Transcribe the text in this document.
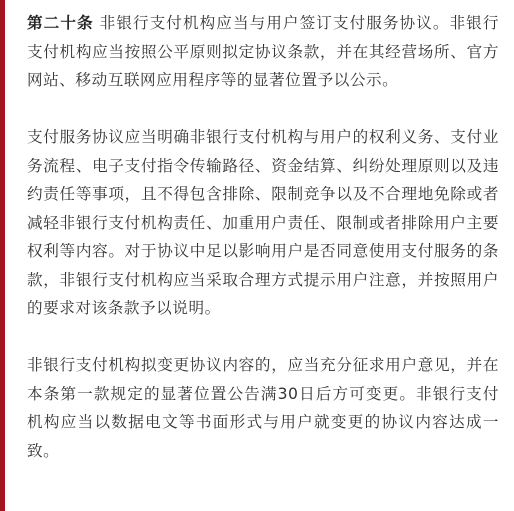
第二十条 非银行支付机构应当与用户签订支付服务协议。非银行支付机构应当按照公平原则拟定协议条款，并在其经营场所、官方网站、移动互联网应用程序等的显著位置予以公示。

支付服务协议应当明确非银行支付机构与用户的权利义务、支付业务流程、电子支付指令传输路径、资金结算、纠纷处理原则以及违约责任等事项，且不得包含排除、限制竞争以及不合理地免除或者减轻非银行支付机构责任、加重用户责任、限制或者排除用户主要权利等内容。对于协议中足以影响用户是否同意使用支付服务的条款，非银行支付机构应当采取合理方式提示用户注意，并按照用户的要求对该条款予以说明。

非银行支付机构拟变更协议内容的，应当充分征求用户意见，并在本条第一款规定的显著位置公告满30日后方可变更。非银行支付机构应当以数据电文等书面形式与用户就变更的协议内容达成一致。
